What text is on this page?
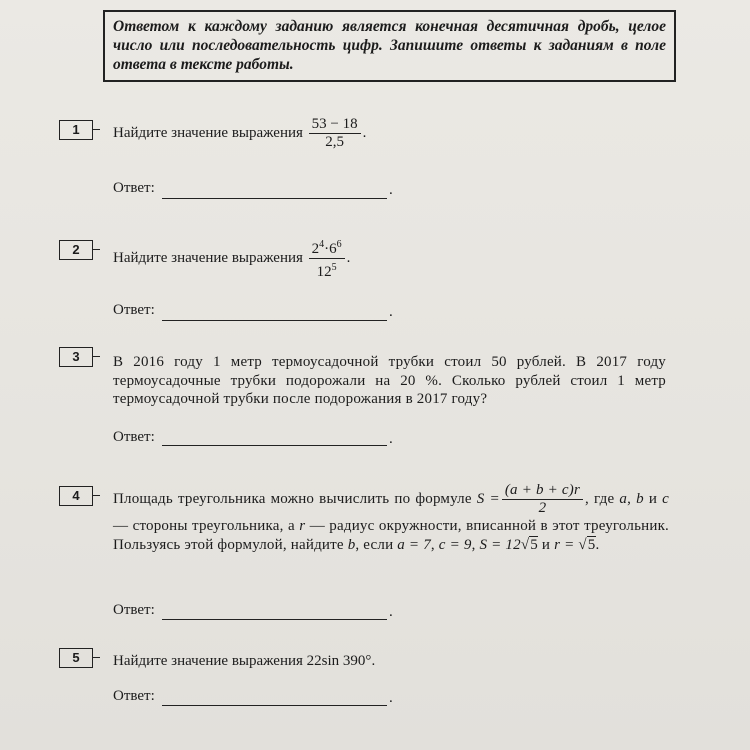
Ответом к каждому заданию является конечная десятичная дробь, целое число или последовательность цифр. Запишите ответы к заданиям в поле ответа в тексте работы.
1	Найдите значение выражения $\frac{53 - 18}{2,5}$ .
Ответ:	.
2
Найдите значение выражения $\frac{2^4\cdot 6^6}{12^5}$ .
Ответ:	.
3	В 2016 году 1 метр термоусадочной трубки стоил 50 рублей. В 2017 году термоусадочные трубки подорожали на 20 %. Сколько рублей стоил 1 метр термоусадочной трубки после подорожания в 2017 году?
Ответ:	.
4	Площадь треугольника можно вычислить по формуле $S = \frac{(a + b + c)r}{2}$ , где a, b и c — стороны треугольника, а r — радиус окружности, вписанной в этот треугольник. Пользуясь этой формулой, найдите b, если a = 7, c = 9, S = 12√5 и r = √5.
Ответ:	.
5	Найдите значение выражения 22sin 390°.
Ответ:	.
